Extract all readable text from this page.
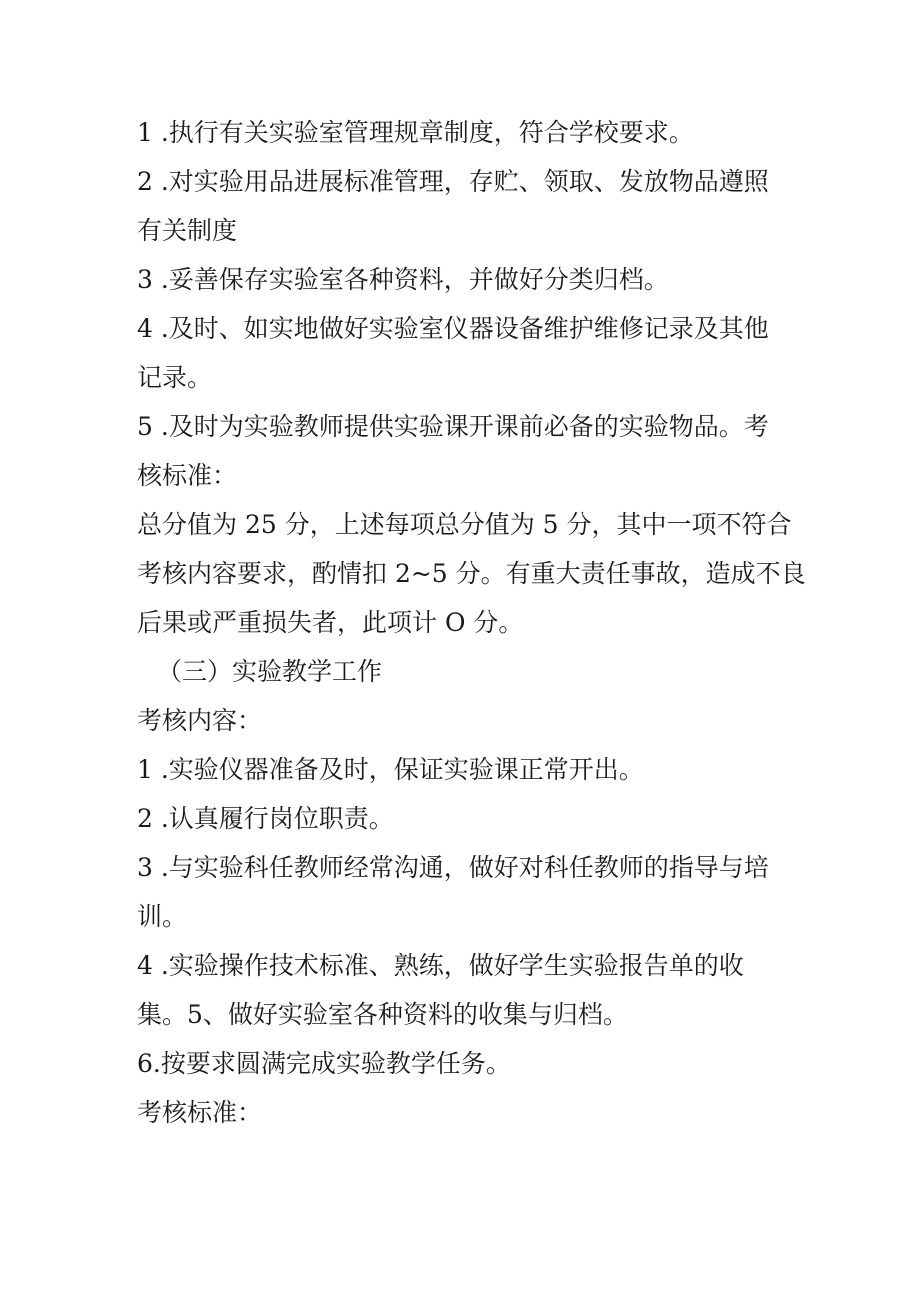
1 .执行有关实验室管理规章制度，符合学校要求。
2 .对实验用品进展标准管理，存贮、领取、发放物品遵照
有关制度
3 .妥善保存实验室各种资料，并做好分类归档。
4 .及时、如实地做好实验室仪器设备维护维修记录及其他
记录。
5 .及时为实验教师提供实验课开课前必备的实验物品。考
核标准：
总分值为 25 分，上述每项总分值为 5 分，其中一项不符合
考核内容要求，酌情扣 2~5 分。有重大责任事故，造成不良
后果或严重损失者，此项计 O 分。
（三）实验教学工作
考核内容：
1 .实验仪器准备及时，保证实验课正常开出。
2 .认真履行岗位职责。
3 .与实验科任教师经常沟通，做好对科任教师的指导与培
训。
4 .实验操作技术标准、熟练，做好学生实验报告单的收
集。5、做好实验室各种资料的收集与归档。
6.按要求圆满完成实验教学任务。
考核标准：
